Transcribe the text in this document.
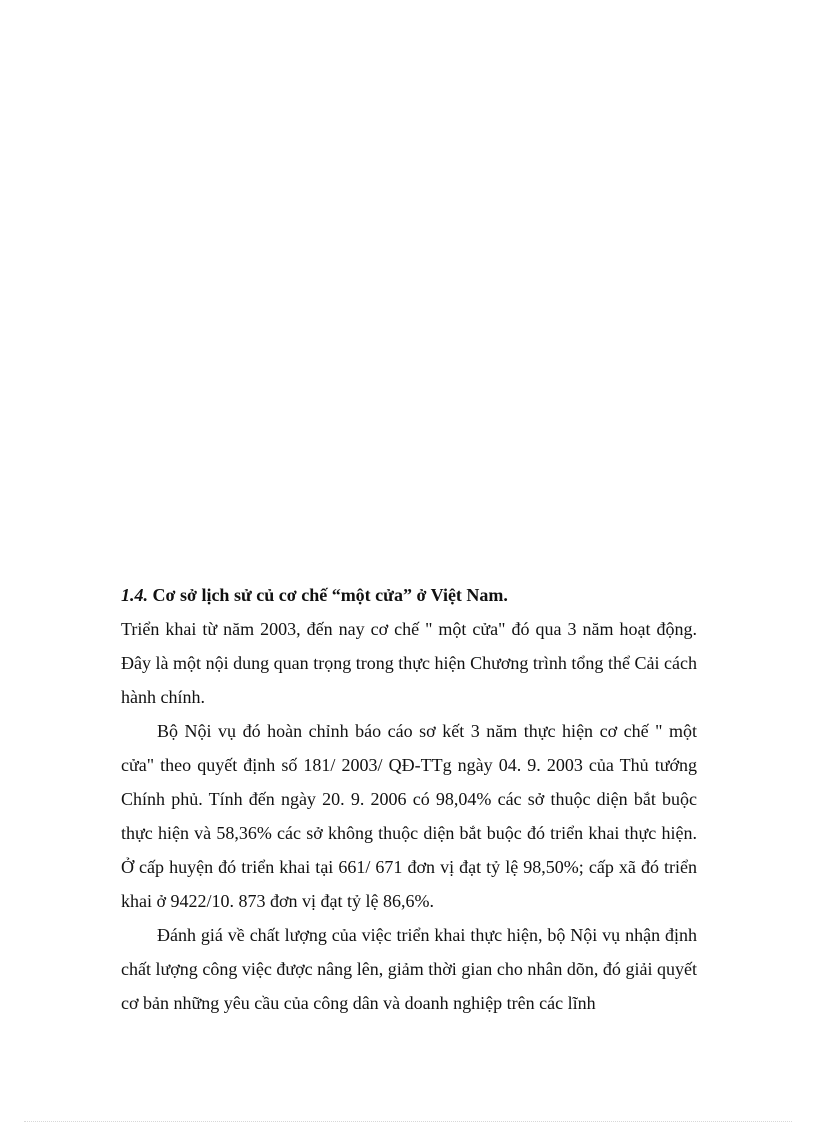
1.4. Cơ sở lịch sử củ cơ chế “một cửa” ở Việt Nam.

Triển khai từ năm 2003, đến nay cơ chế " một cửa" đó qua 3 năm hoạt động. Đây là một nội dung quan trọng trong thực hiện Chương trình tổng thể Cải cách hành chính.

Bộ Nội vụ đó hoàn chỉnh báo cáo sơ kết 3 năm thực hiện cơ chế " một cửa" theo quyết định số 181/ 2003/ QĐ-TTg ngày 04. 9. 2003 của Thủ tướng Chính phủ. Tính đến ngày 20. 9. 2006 có 98,04% các sở thuộc diện bắt buộc thực hiện và 58,36% các sở không thuộc diện bắt buộc đó triển khai thực hiện. Ở cấp huyện đó triển khai tại 661/ 671 đơn vị đạt tỷ lệ 98,50%; cấp xã đó triển khai ở 9422/10. 873 đơn vị đạt tỷ lệ 86,6%.

Đánh giá về chất lượng của việc triển khai thực hiện, bộ Nội vụ nhận định chất lượng công việc được nâng lên, giảm thời gian cho nhân dõn, đó giải quyết cơ bản những yêu cầu của công dân và doanh nghiệp trên các lĩnh
